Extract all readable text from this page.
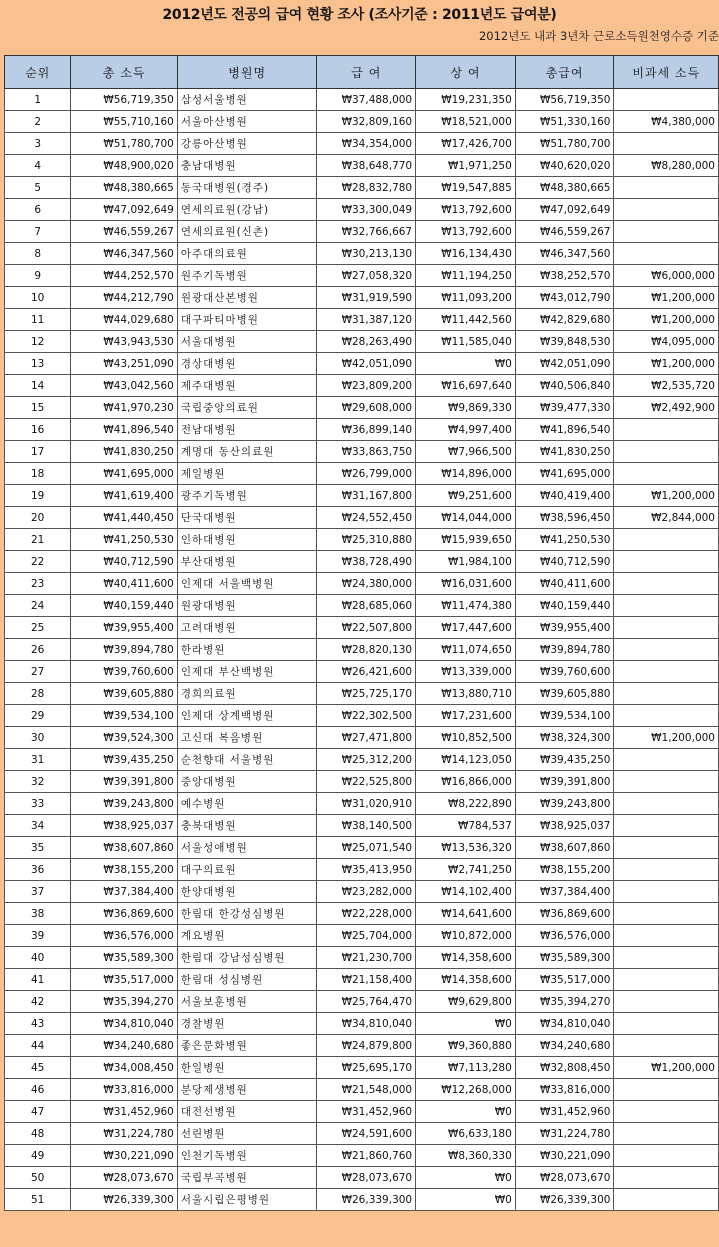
2012년도 전공의 급여 현황 조사 (조사기준 : 2011년도 급여분)
2012년도 내과 3년차 근로소득원천영수증 기준
순위	총 소득	병원명	급 여	상 여	총급여	비과세 소득
1	₩56,719,350	삼성서울병원	₩37,488,000	₩19,231,350	₩56,719,350	
2	₩55,710,160	서울아산병원	₩32,809,160	₩18,521,000	₩51,330,160	₩4,380,000
3	₩51,780,700	강릉아산병원	₩34,354,000	₩17,426,700	₩51,780,700	
4	₩48,900,020	충남대병원	₩38,648,770	₩1,971,250	₩40,620,020	₩8,280,000
5	₩48,380,665	동국대병원(경주)	₩28,832,780	₩19,547,885	₩48,380,665	
6	₩47,092,649	연세의료원(강남)	₩33,300,049	₩13,792,600	₩47,092,649	
7	₩46,559,267	연세의료원(신촌)	₩32,766,667	₩13,792,600	₩46,559,267	
8	₩46,347,560	아주대의료원	₩30,213,130	₩16,134,430	₩46,347,560	
9	₩44,252,570	원주기독병원	₩27,058,320	₩11,194,250	₩38,252,570	₩6,000,000
10	₩44,212,790	원광대산본병원	₩31,919,590	₩11,093,200	₩43,012,790	₩1,200,000
11	₩44,029,680	대구파티마병원	₩31,387,120	₩11,442,560	₩42,829,680	₩1,200,000
12	₩43,943,530	서울대병원	₩28,263,490	₩11,585,040	₩39,848,530	₩4,095,000
13	₩43,251,090	경상대병원	₩42,051,090	₩0	₩42,051,090	₩1,200,000
14	₩43,042,560	제주대병원	₩23,809,200	₩16,697,640	₩40,506,840	₩2,535,720
15	₩41,970,230	국립중앙의료원	₩29,608,000	₩9,869,330	₩39,477,330	₩2,492,900
16	₩41,896,540	전남대병원	₩36,899,140	₩4,997,400	₩41,896,540	
17	₩41,830,250	계명대 동산의료원	₩33,863,750	₩7,966,500	₩41,830,250	
18	₩41,695,000	제일병원	₩26,799,000	₩14,896,000	₩41,695,000	
19	₩41,619,400	광주기독병원	₩31,167,800	₩9,251,600	₩40,419,400	₩1,200,000
20	₩41,440,450	단국대병원	₩24,552,450	₩14,044,000	₩38,596,450	₩2,844,000
21	₩41,250,530	인하대병원	₩25,310,880	₩15,939,650	₩41,250,530	
22	₩40,712,590	부산대병원	₩38,728,490	₩1,984,100	₩40,712,590	
23	₩40,411,600	인제대 서울백병원	₩24,380,000	₩16,031,600	₩40,411,600	
24	₩40,159,440	원광대병원	₩28,685,060	₩11,474,380	₩40,159,440	
25	₩39,955,400	고려대병원	₩22,507,800	₩17,447,600	₩39,955,400	
26	₩39,894,780	한라병원	₩28,820,130	₩11,074,650	₩39,894,780	
27	₩39,760,600	인제대 부산백병원	₩26,421,600	₩13,339,000	₩39,760,600	
28	₩39,605,880	경희의료원	₩25,725,170	₩13,880,710	₩39,605,880	
29	₩39,534,100	인제대 상계백병원	₩22,302,500	₩17,231,600	₩39,534,100	
30	₩39,524,300	고신대 복음병원	₩27,471,800	₩10,852,500	₩38,324,300	₩1,200,000
31	₩39,435,250	순천향대 서울병원	₩25,312,200	₩14,123,050	₩39,435,250	
32	₩39,391,800	중앙대병원	₩22,525,800	₩16,866,000	₩39,391,800	
33	₩39,243,800	예수병원	₩31,020,910	₩8,222,890	₩39,243,800	
34	₩38,925,037	충북대병원	₩38,140,500	₩784,537	₩38,925,037	
35	₩38,607,860	서울성애병원	₩25,071,540	₩13,536,320	₩38,607,860	
36	₩38,155,200	대구의료원	₩35,413,950	₩2,741,250	₩38,155,200	
37	₩37,384,400	한양대병원	₩23,282,000	₩14,102,400	₩37,384,400	
38	₩36,869,600	한림대 한강성심병원	₩22,228,000	₩14,641,600	₩36,869,600	
39	₩36,576,000	계요병원	₩25,704,000	₩10,872,000	₩36,576,000	
40	₩35,589,300	한림대 강남성심병원	₩21,230,700	₩14,358,600	₩35,589,300	
41	₩35,517,000	한림대 성심병원	₩21,158,400	₩14,358,600	₩35,517,000	
42	₩35,394,270	서울보훈병원	₩25,764,470	₩9,629,800	₩35,394,270	
43	₩34,810,040	경찰병원	₩34,810,040	₩0	₩34,810,040	
44	₩34,240,680	좋은문화병원	₩24,879,800	₩9,360,880	₩34,240,680	
45	₩34,008,450	한일병원	₩25,695,170	₩7,113,280	₩32,808,450	₩1,200,000
46	₩33,816,000	분당제생병원	₩21,548,000	₩12,268,000	₩33,816,000	
47	₩31,452,960	대전선병원	₩31,452,960	₩0	₩31,452,960	
48	₩31,224,780	선린병원	₩24,591,600	₩6,633,180	₩31,224,780	
49	₩30,221,090	인천기독병원	₩21,860,760	₩8,360,330	₩30,221,090	
50	₩28,073,670	국립부곡병원	₩28,073,670	₩0	₩28,073,670	
51	₩26,339,300	서울시립은평병원	₩26,339,300	₩0	₩26,339,300	
